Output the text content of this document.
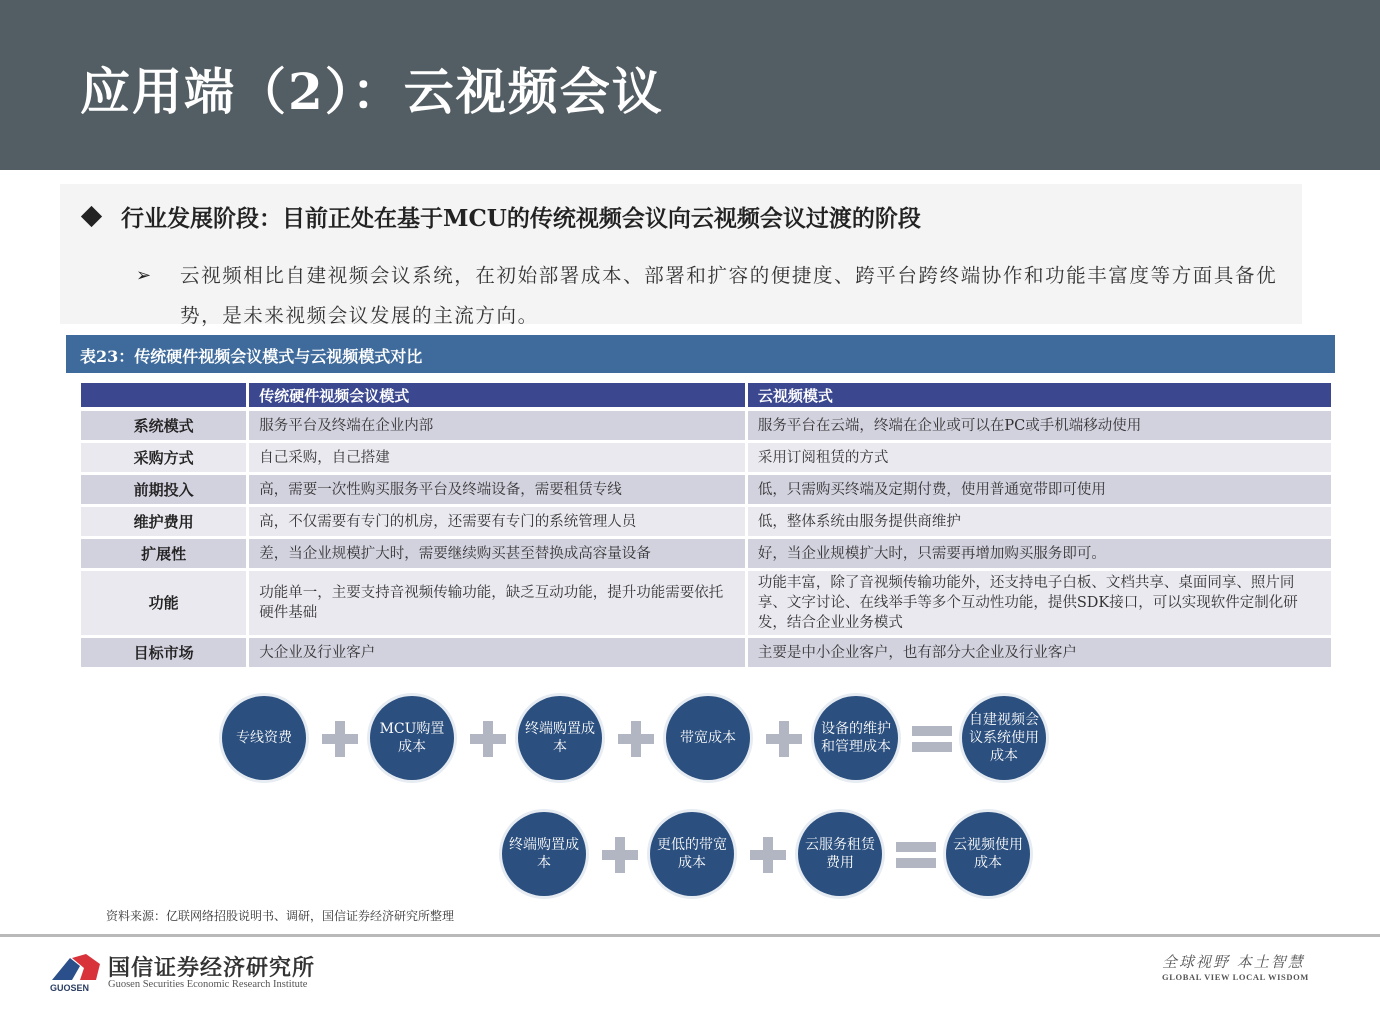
应用端（2）：云视频会议
行业发展阶段：目前正处在基于MCU的传统视频会议向云视频会议过渡的阶段
➢	云视频相比自建视频会议系统，在初始部署成本、部署和扩容的便捷度、跨平台跨终端协作和功能丰富度等方面具备优势，是未来视频会议发展的主流方向。
表23：传统硬件视频会议模式与云视频模式对比
	传统硬件视频会议模式	云视频模式
系统模式	服务平台及终端在企业内部	服务平台在云端，终端在企业或可以在PC或手机端移动使用
采购方式	自己采购，自己搭建	采用订阅租赁的方式
前期投入	高，需要一次性购买服务平台及终端设备，需要租赁专线	低，只需购买终端及定期付费，使用普通宽带即可使用
维护费用	高，不仅需要有专门的机房，还需要有专门的系统管理人员	低，整体系统由服务提供商维护
扩展性	差，当企业规模扩大时，需要继续购买甚至替换成高容量设备	好，当企业规模扩大时，只需要再增加购买服务即可。
功能	功能单一，主要支持音视频传输功能，缺乏互动功能，提升功能需要依托硬件基础	功能丰富，除了音视频传输功能外，还支持电子白板、文档共享、桌面同享、照片同享、文字讨论、在线举手等多个互动性功能，提供SDK接口，可以实现软件定制化研发，结合企业业务模式
目标市场	大企业及行业客户	主要是中小企业客户，也有部分大企业及行业客户
专线资费
MCU购置成本
终端购置成本
带宽成本
设备的维护和管理成本
自建视频会议系统使用成本
终端购置成本
更低的带宽成本
云服务租赁费用
云视频使用成本
资料来源：亿联网络招股说明书、调研，国信证券经济研究所整理
GUOSEN
国信证券经济研究所
Guosen Securities Economic Research Institute
全球视野 本土智慧
GLOBAL VIEW LOCAL WISDOM
